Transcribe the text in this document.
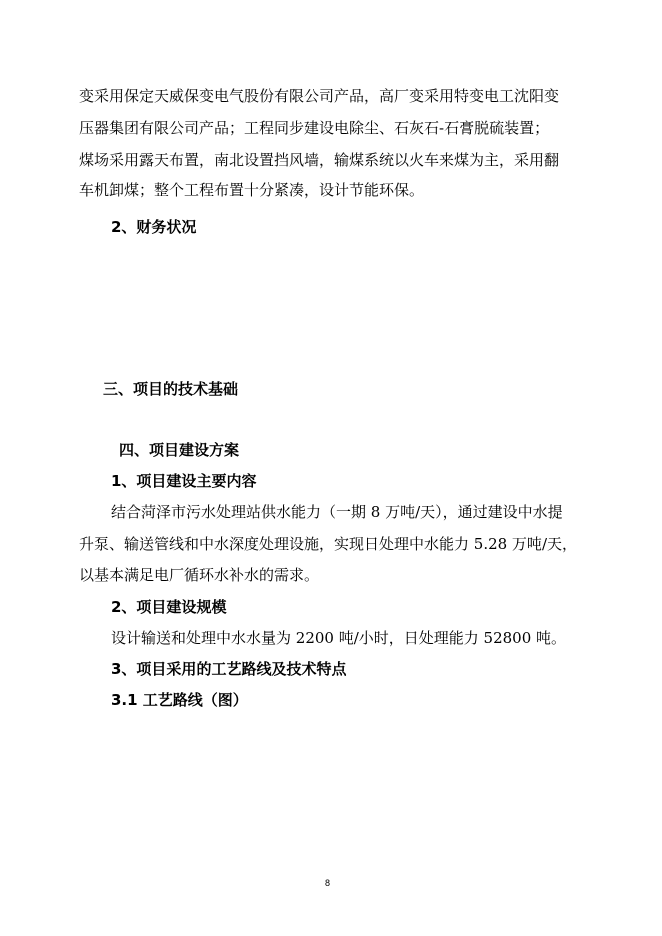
变采用保定天威保变电气股份有限公司产品，高厂变采用特变电工沈阳变
压器集团有限公司产品；工程同步建设电除尘、石灰石-石膏脱硫装置；
煤场采用露天布置，南北设置挡风墙，输煤系统以火车来煤为主，采用翻
车机卸煤；整个工程布置十分紧凑，设计节能环保。
2、财务状况
三、项目的技术基础
四、项目建设方案
1、项目建设主要内容
结合菏泽市污水处理站供水能力（一期 8 万吨/天），通过建设中水提
升泵、输送管线和中水深度处理设施，实现日处理中水能力 5.28 万吨/天，
以基本满足电厂循环水补水的需求。
2、项目建设规模
设计输送和处理中水水量为 2200 吨/小时，日处理能力 52800 吨。
3、项目采用的工艺路线及技术特点
3.1 工艺路线（图）
8
